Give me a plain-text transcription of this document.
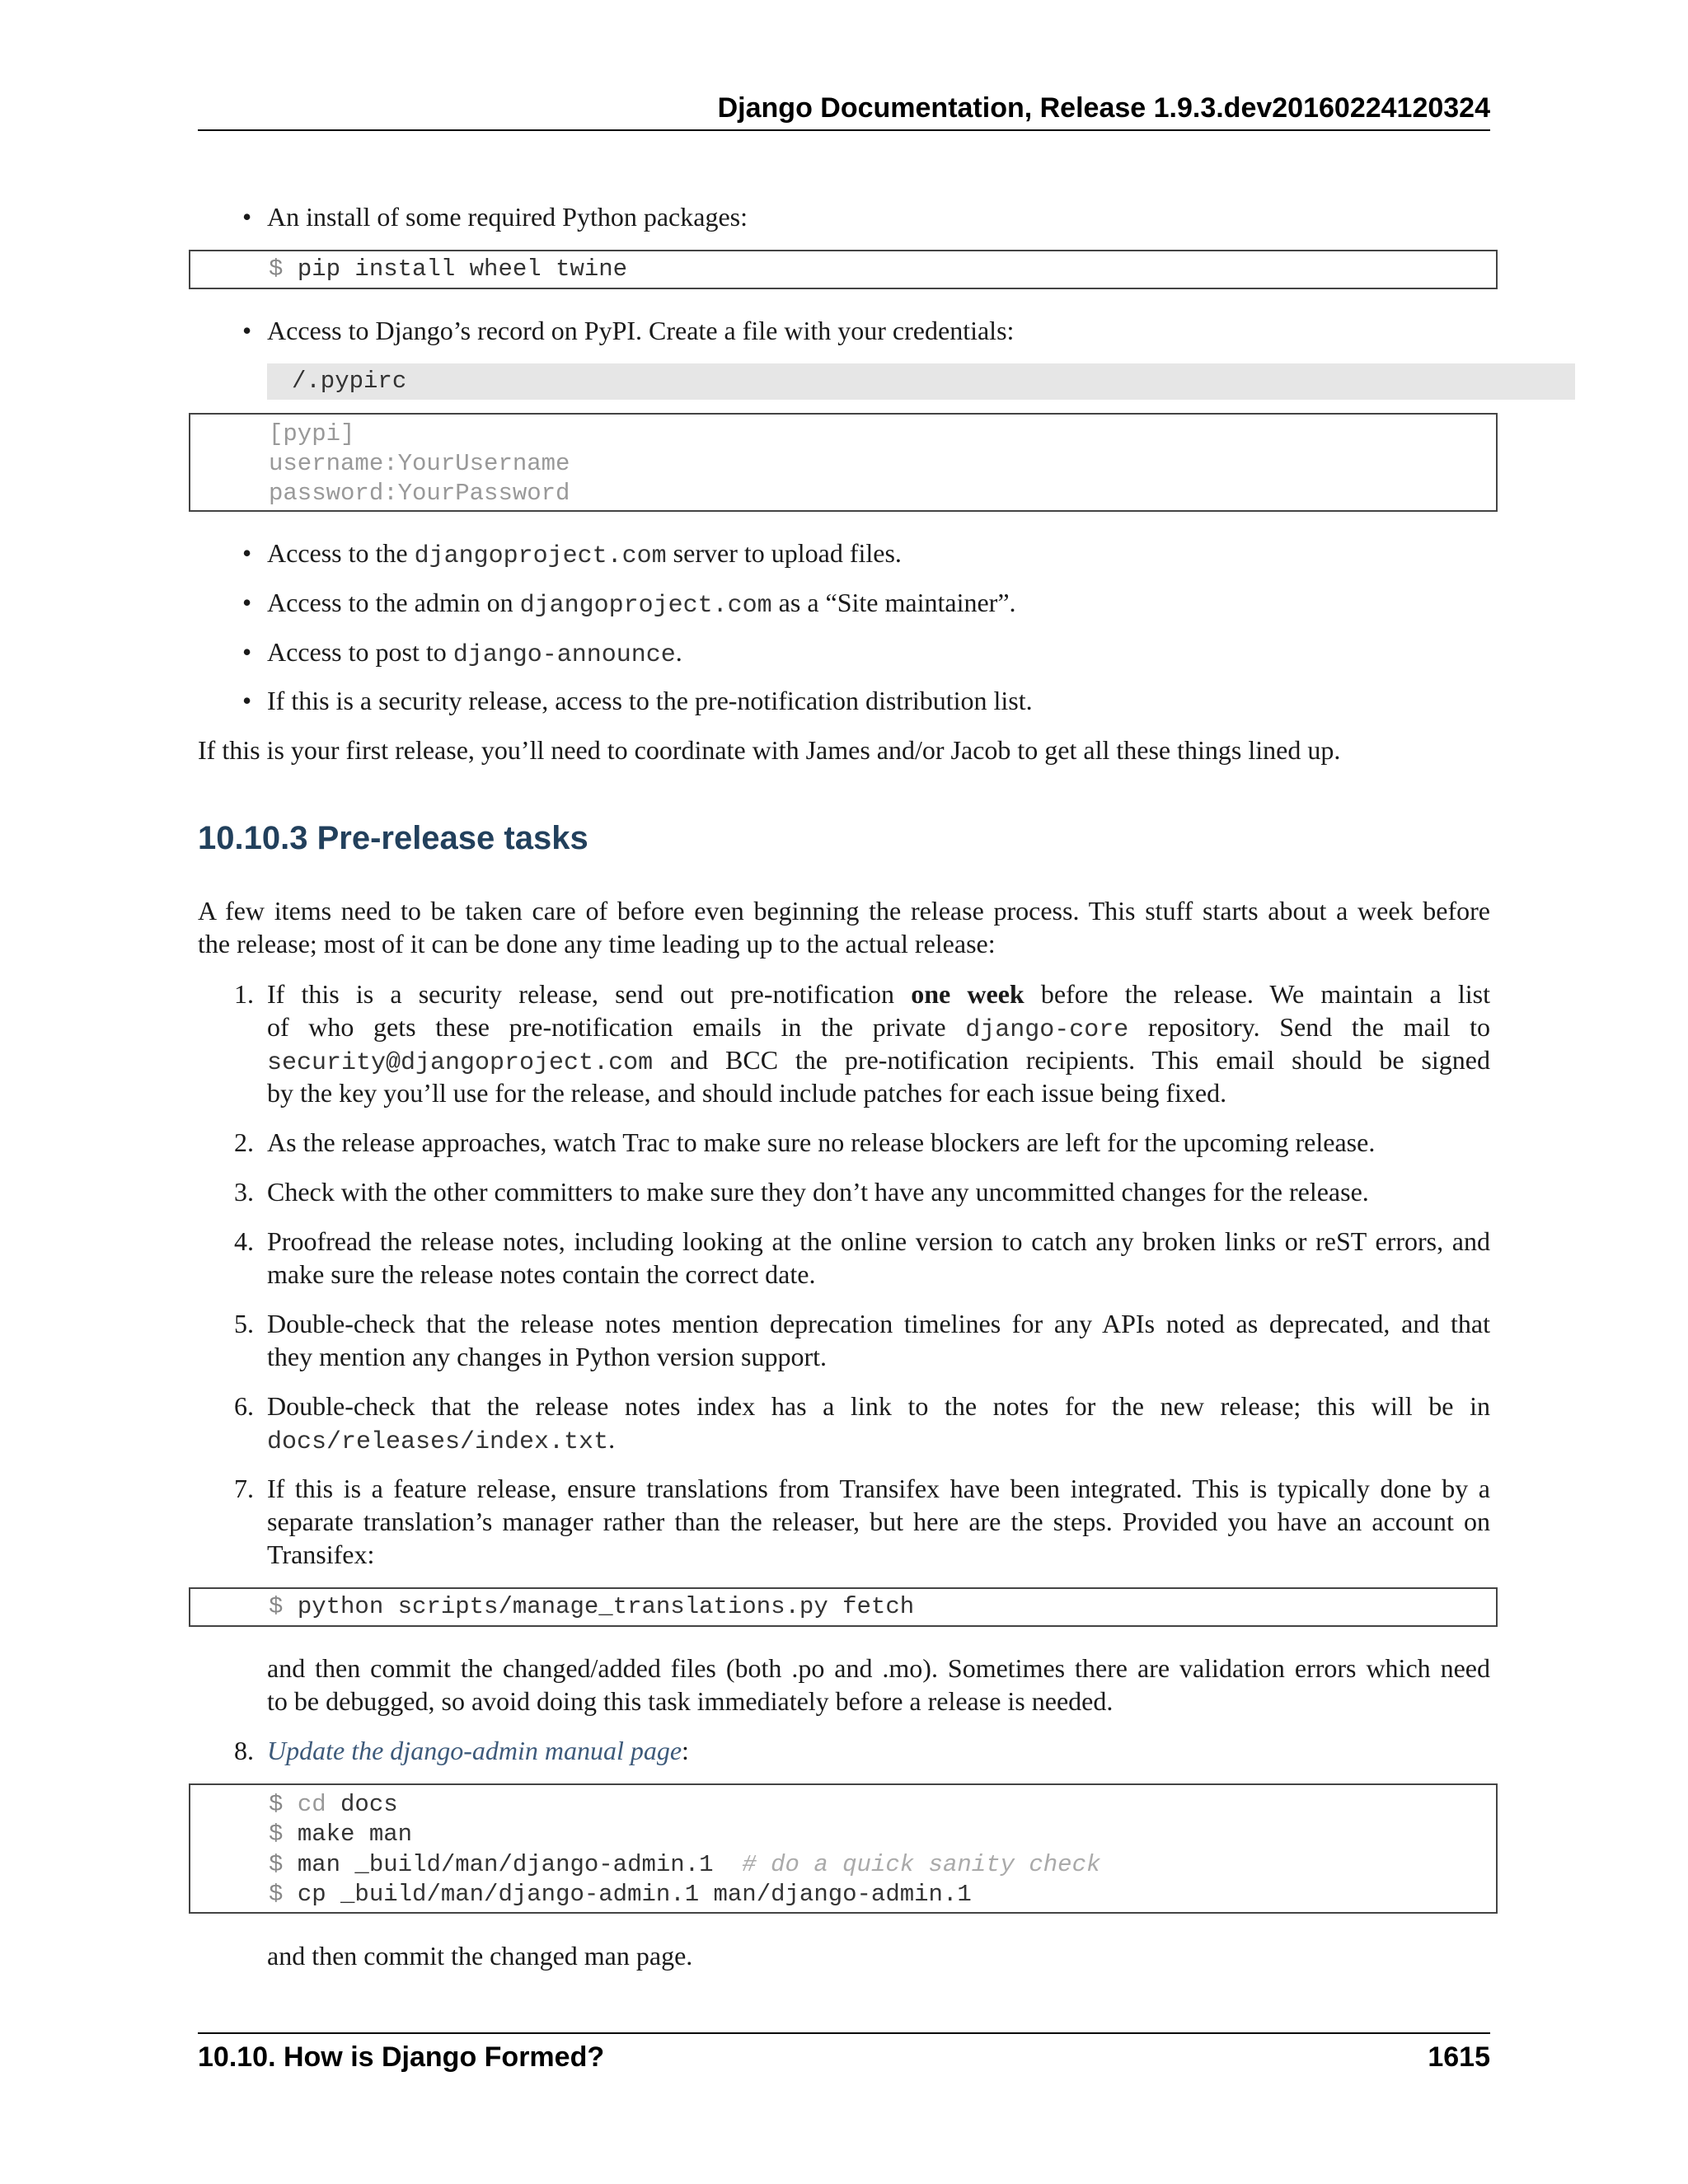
Django Documentation, Release 1.9.3.dev20160224120324
• An install of some required Python packages:
$ pip install wheel twine
• Access to Django’s record on PyPI. Create a file with your credentials:
/.pypirc
[pypi]
username:YourUsername
password:YourPassword
• Access to the djangoproject.com server to upload files.
• Access to the admin on djangoproject.com as a “Site maintainer”.
• Access to post to django-announce.
• If this is a security release, access to the pre-notification distribution list.
If this is your first release, you’ll need to coordinate with James and/or Jacob to get all these things lined up.
10.10.3 Pre-release tasks
A few items need to be taken care of before even beginning the release process. This stuff starts about a week before
the release; most of it can be done any time leading up to the actual release:
1. If this is a security release, send out pre-notification one week before the release. We maintain a list
of who gets these pre-notification emails in the private django-core repository. Send the mail to
security@djangoproject.com and BCC the pre-notification recipients. This email should be signed
by the key you’ll use for the release, and should include patches for each issue being fixed.
2. As the release approaches, watch Trac to make sure no release blockers are left for the upcoming release.
3. Check with the other committers to make sure they don’t have any uncommitted changes for the release.
4. Proofread the release notes, including looking at the online version to catch any broken links or reST errors, and
make sure the release notes contain the correct date.
5. Double-check that the release notes mention deprecation timelines for any APIs noted as deprecated, and that
they mention any changes in Python version support.
6. Double-check that the release notes index has a link to the notes for the new release; this will be in
docs/releases/index.txt.
7. If this is a feature release, ensure translations from Transifex have been integrated. This is typically done by a
separate translation’s manager rather than the releaser, but here are the steps. Provided you have an account on
Transifex:
$ python scripts/manage_translations.py fetch
and then commit the changed/added files (both .po and .mo). Sometimes there are validation errors which need
to be debugged, so avoid doing this task immediately before a release is needed.
8. Update the django-admin manual page:
$ cd docs
$ make man
$ man _build/man/django-admin.1 # do a quick sanity check
$ cp _build/man/django-admin.1 man/django-admin.1
and then commit the changed man page.
10.10. How is Django Formed?	1615
